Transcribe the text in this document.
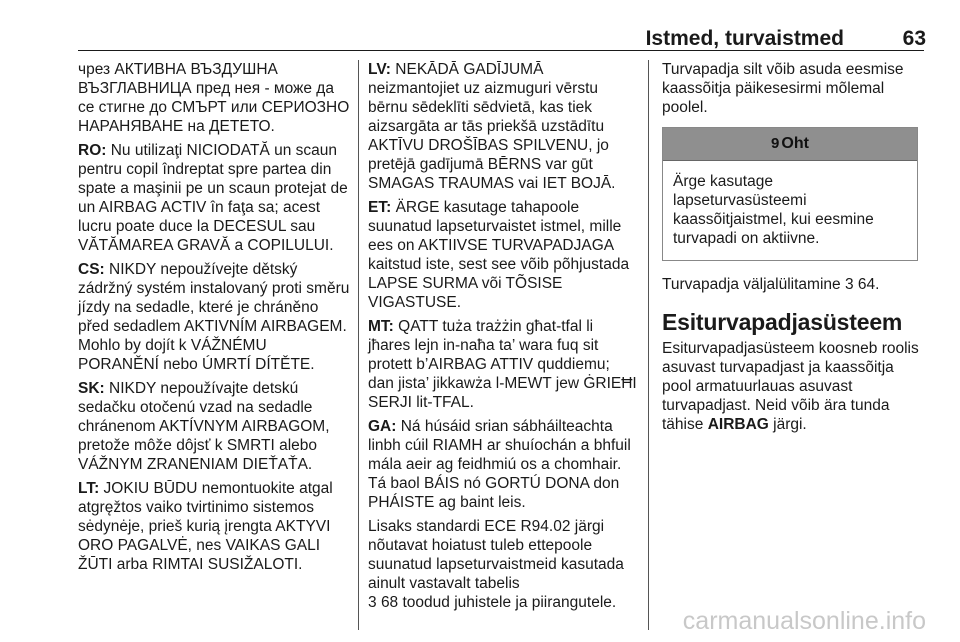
Istmed, turvaistmed	63

чрез АКТИВНА ВЪЗДУШНА ВЪЗГЛАВНИЦА пред нея - може да се стигне до СМЪРТ или СЕРИОЗНО НАРАНЯВАНЕ на ДЕТЕТО.

RO: Nu utilizaţi NICIODATĂ un scaun pentru copil îndreptat spre partea din spate a maşinii pe un scaun protejat de un AIRBAG ACTIV în faţa sa; acest lucru poate duce la DECESUL sau VĂTĂMAREA GRAVĂ a COPILULUI.

CS: NIKDY nepoužívejte dětský zádržný systém instalovaný proti směru jízdy na sedadle, které je chráněno před sedadlem AKTIVNÍM AIRBAGEM. Mohlo by dojít k VÁŽNÉMU PORANĚNÍ nebo ÚMRTÍ DÍTĚTE.

SK: NIKDY nepoužívajte detskú sedačku otočenú vzad na sedadle chránenom AKTÍVNYM AIRBAGOM, pretože môže dôjsť k SMRTI alebo VÁŽNYM ZRANENIAM DIEŤAŤA.

LT: JOKIU BŪDU nemontuokite atgal atgręžtos vaiko tvirtinimo sistemos sėdynėje, prieš kurią įrengta AKTYVI ORO PAGALVĖ, nes VAIKAS GALI ŽŪTI arba RIMTAI SUSIŽALOTI.

LV: NEKĀDĀ GADĪJUMĀ neizmantojiet uz aizmuguri vērstu bērnu sēdeklīti sēdvietā, kas tiek aizsargāta ar tās priekšā uzstādītu AKTĪVU DROŠĪBAS SPILVENU, jo pretējā gadījumā BĒRNS var gūt SMAGAS TRAUMAS vai IET BOJĀ.

ET: ÄRGE kasutage tahapoole suunatud lapseturvaistet istmel, mille ees on AKTIIVSE TURVAPADJAGA kaitstud iste, sest see võib põhjustada LAPSE SURMA või TÕSISE VIGASTUSE.

MT: QATT tuża trażżin għat-tfal li jħares lejn in-naħa ta’ wara fuq sit protett b’AIRBAG ATTIV quddiemu; dan jista’ jikkawża l-MEWT jew ĠRIEĦI SERJI lit-TFAL.

GA: Ná húsáid srian sábháilteachta linbh cúil RIAMH ar shuíochán a bhfuil mála aeir ag feidhmiú os a chomhair. Tá baol BÁIS nó GORTÚ DONA don PHÁISTE ag baint leis.

Lisaks standardi ECE R94.02 järgi nõutavat hoiatust tuleb ettepoole suunatud lapseturvaistmeid kasutada ainult vastavalt tabelis
3 68 toodud juhistele ja piirangutele.

Turvapadja silt võib asuda eesmise kaassõitja päikesesirmi mõlemal poolel.

9 Oht
Ärge kasutage lapseturvasüsteemi kaassõitjaistmel, kui eesmine turvapadi on aktiivne.

Turvapadja väljalülitamine 3 64.

Esiturvapadjasüsteem

Esiturvapadjasüsteem koosneb roolis asuvast turvapadjast ja kaassõitja pool armatuurlauas asuvast turvapadjast. Neid võib ära tunda tähise AIRBAG järgi.

carmanualsonline.info
